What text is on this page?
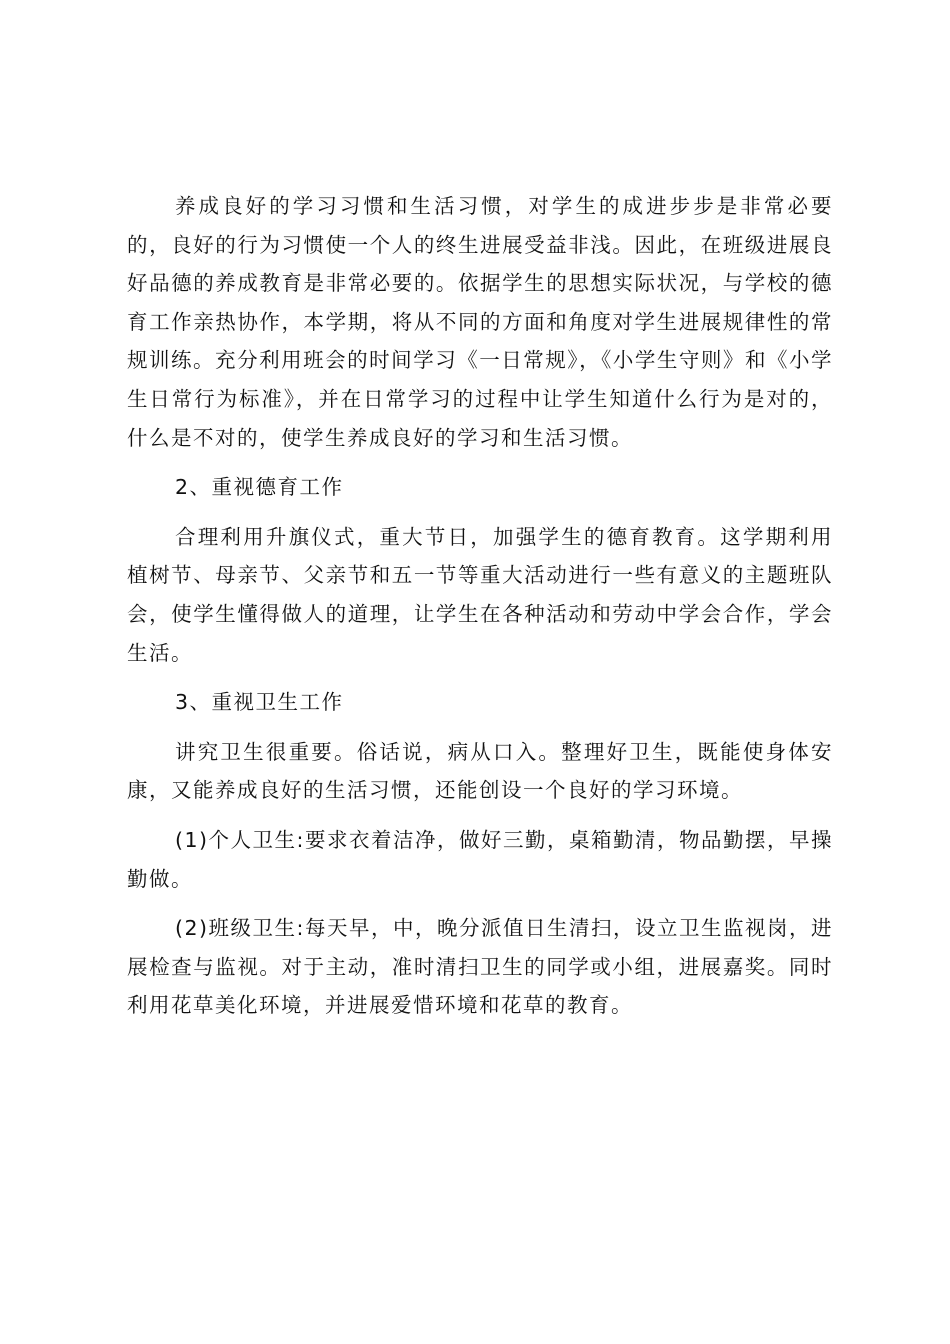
养成良好的学习习惯和生活习惯，对学生的成进步步是非常必要的，良好的行为习惯使一个人的终生进展受益非浅。因此，在班级进展良好品德的养成教育是非常必要的。依据学生的思想实际状况，与学校的德育工作亲热协作，本学期，将从不同的方面和角度对学生进展规律性的常规训练。充分利用班会的时间学习《一日常规》，《小学生守则》和《小学生日常行为标准》，并在日常学习的过程中让学生知道什么行为是对的，什么是不对的，使学生养成良好的学习和生活习惯。

2、重视德育工作

合理利用升旗仪式，重大节日，加强学生的德育教育。这学期利用植树节、母亲节、父亲节和五一节等重大活动进行一些有意义的主题班队会，使学生懂得做人的道理，让学生在各种活动和劳动中学会合作，学会生活。

3、重视卫生工作

讲究卫生很重要。俗话说，病从口入。整理好卫生，既能使身体安康，又能养成良好的生活习惯，还能创设一个良好的学习环境。

(1)个人卫生:要求衣着洁净，做好三勤，桌箱勤清，物品勤摆，早操勤做。

(2)班级卫生:每天早，中，晚分派值日生清扫，设立卫生监视岗，进展检查与监视。对于主动，准时清扫卫生的同学或小组，进展嘉奖。同时利用花草美化环境，并进展爱惜环境和花草的教育。
